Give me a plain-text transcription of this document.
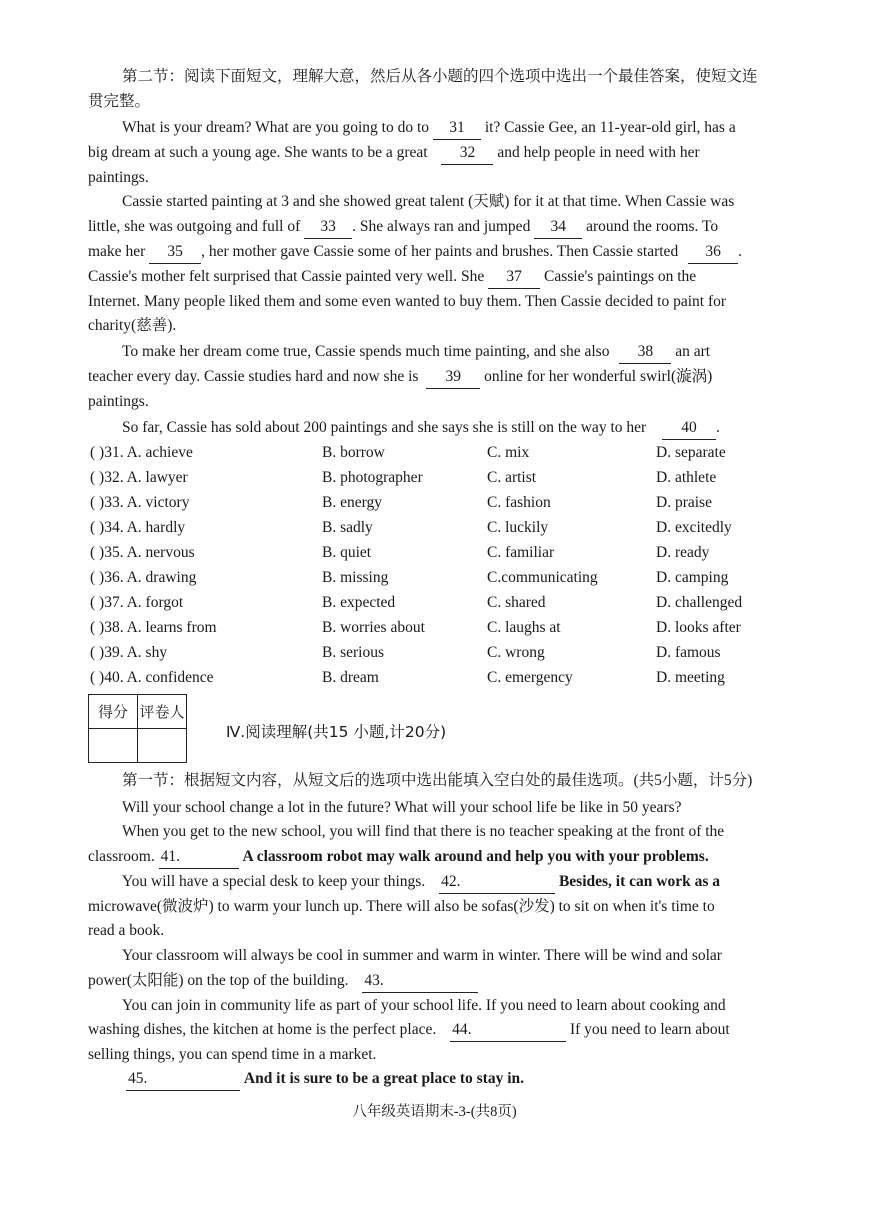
第二节：阅读下面短文，理解大意，然后从各小题的四个选项中选出一个最佳答案，使短文连
贯完整。
What is your dream? What are you going to do to 31 it? Cassie Gee, an 11-year-old girl, has a
big dream at such a young age. She wants to be a great 32 and help people in need with her
paintings.
Cassie started painting at 3 and she showed great talent (天赋) for it at that time. When Cassie was
little, she was outgoing and full of 33 . She always ran and jumped 34 around the rooms. To
make her 35 , her mother gave Cassie some of her paints and brushes. Then Cassie started 36 .
Cassie's mother felt surprised that Cassie painted very well. She 37 Cassie's paintings on the
Internet. Many people liked them and some even wanted to buy them. Then Cassie decided to paint for
charity(慈善).
To make her dream come true, Cassie spends much time painting, and she also 38 an art
teacher every day. Cassie studies hard and now she is 39 online for her wonderful swirl(漩涡)
paintings.
So far, Cassie has sold about 200 paintings and she says she is still on the way to her 40 .
( )31. A. achieve	B. borrow	C. mix	D. separate
( )32. A. lawyer	B. photographer	C. artist	D. athlete
( )33. A. victory	B. energy	C. fashion	D. praise
( )34. A. hardly	B. sadly	C. luckily	D. excitedly
( )35. A. nervous	B. quiet	C. familiar	D. ready
( )36. A. drawing	B. missing	C.communicating	D. camping
( )37. A. forgot	B. expected	C. shared	D. challenged
( )38. A. learns from	B. worries about	C. laughs at	D. looks after
( )39. A. shy	B. serious	C. wrong	D. famous
( )40. A. confidence	B. dream	C. emergency	D. meeting
得分	评卷人

Ⅳ.阅读理解(共15 小题,计20分)
第一节：根据短文内容，从短文后的选项中选出能填入空白处的最佳选项。(共5小题，计5分)
Will your school change a lot in the future? What will your school life be like in 50 years?
When you get to the new school, you will find that there is no teacher speaking at the front of the
classroom. 41.	A classroom robot may walk around and help you with your problems.
You will have a special desk to keep your things. 42.	Besides, it can work as a
microwave(微波炉) to warm your lunch up. There will also be sofas(沙发) to sit on when it's time to
read a book.
Your classroom will always be cool in summer and warm in winter. There will be wind and solar
power(太阳能) on the top of the building. 43.
You can join in community life as part of your school life. If you need to learn about cooking and
washing dishes, the kitchen at home is the perfect place. 44.	If you need to learn about
selling things, you can spend time in a market.
45.	And it is sure to be a great place to stay in.
八年级英语期末-3-(共8页)
